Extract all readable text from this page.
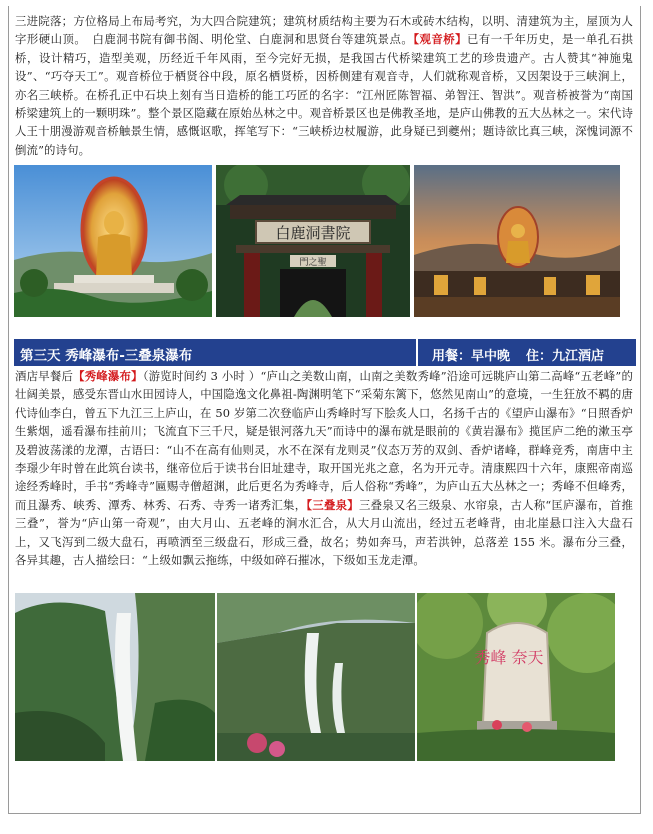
三进院落；方位格局上布局考究，为大四合院建筑；建筑材质结构主要为石木或砖木结构，以明、清建筑为主，屋顶为人字形硬山顶。　白鹿洞书院有御书阁、明伦堂、白鹿洞和思贤台等建筑景点。【观音桥】已有一千年历史，是一单孔石拱桥，设计精巧，造型美观，历经近千年风雨，至今完好无损，是我国古代桥梁建筑工艺的珍贵遗产。古人赞其“神施鬼设”、“巧夺天工”。观音桥位于栖贤谷中段，原名栖贤桥，因桥侧建有观音寺，人们就称观音桥，又因架设于三峡涧上，亦名三峡桥。在桥孔正中石块上刻有当日造桥的能工巧匠的名字：“江州匠陈智福、弟智汪、智洪”。观音桥被誉为“南国桥梁建筑上的一颗明珠”。整个景区隐藏在原始丛林之中。观音桥景区也是佛教圣地，是庐山佛教的五大丛林之一。宋代诗人王十朋漫游观音桥触景生情，感慨讴歌，挥笔写下：“三峡桥边杖履游，此身疑已到夔州；题诗欲比真三峡，深愧词源不倒流”的诗句。
白鹿洞書院
門之聖
第三天 秀峰瀑布-三叠泉瀑布	用餐：早中晚 住：九江酒店
酒店早餐后【秀峰瀑布】（游览时间约 3 小时 ）“庐山之美数山南，山南之美数秀峰”沿途可远眺庐山第二高峰“五老峰”的壮阔美景，感受东晋山水田园诗人，中国隐逸文化鼻祖-陶渊明笔下“采菊东篱下，悠然见南山”的意境，一生狂放不羁的唐代诗仙李白，曾五下九江三上庐山，在 50 岁第二次登临庐山秀峰时写下脍炙人口，名扬千古的《望庐山瀑布》“日照香炉生紫烟，遥看瀑布挂前川；飞流直下三千尺，疑是银河落九天”而诗中的瀑布就是眼前的《黄岩瀑布》揽匡庐二绝的漱玉亭及碧波荡漾的龙潭，古语曰：“山不在高有仙则灵，水不在深有龙则灵”仪态万芳的双剑、香炉诸峰，群峰竞秀，南唐中主李璟少年时曾在此筑台读书，继帝位后于读书台旧址建寺，取开国光兆之意，名为开元寺。清康熙四十六年，康熙帝南巡途经秀峰时，手书“秀峰寺”匾赐寺僧超渊，此后更名为秀峰寺，后人俗称“秀峰”，为庐山五大丛林之一；秀峰不但峰秀，而且瀑秀、峡秀、潭秀、林秀、石秀、寺秀一诸秀汇集，【三叠泉】三叠泉又名三级泉、水帘泉，古人称“匡庐瀑布，首推三叠”，誉为“庐山第一奇观”，由大月山、五老峰的涧水汇合，从大月山流出，经过五老峰背，由北崖悬口注入大盘石上，又飞泻到二级大盘石，再喷洒至三级盘石，形成三叠，故名；势如奔马，声若洪钟，总落差 155 米。瀑布分三叠，各异其趣，古人描绘曰：“上级如飘云拖练，中级如碎石摧冰，下级如玉龙走潭。
秀峰 奈天
